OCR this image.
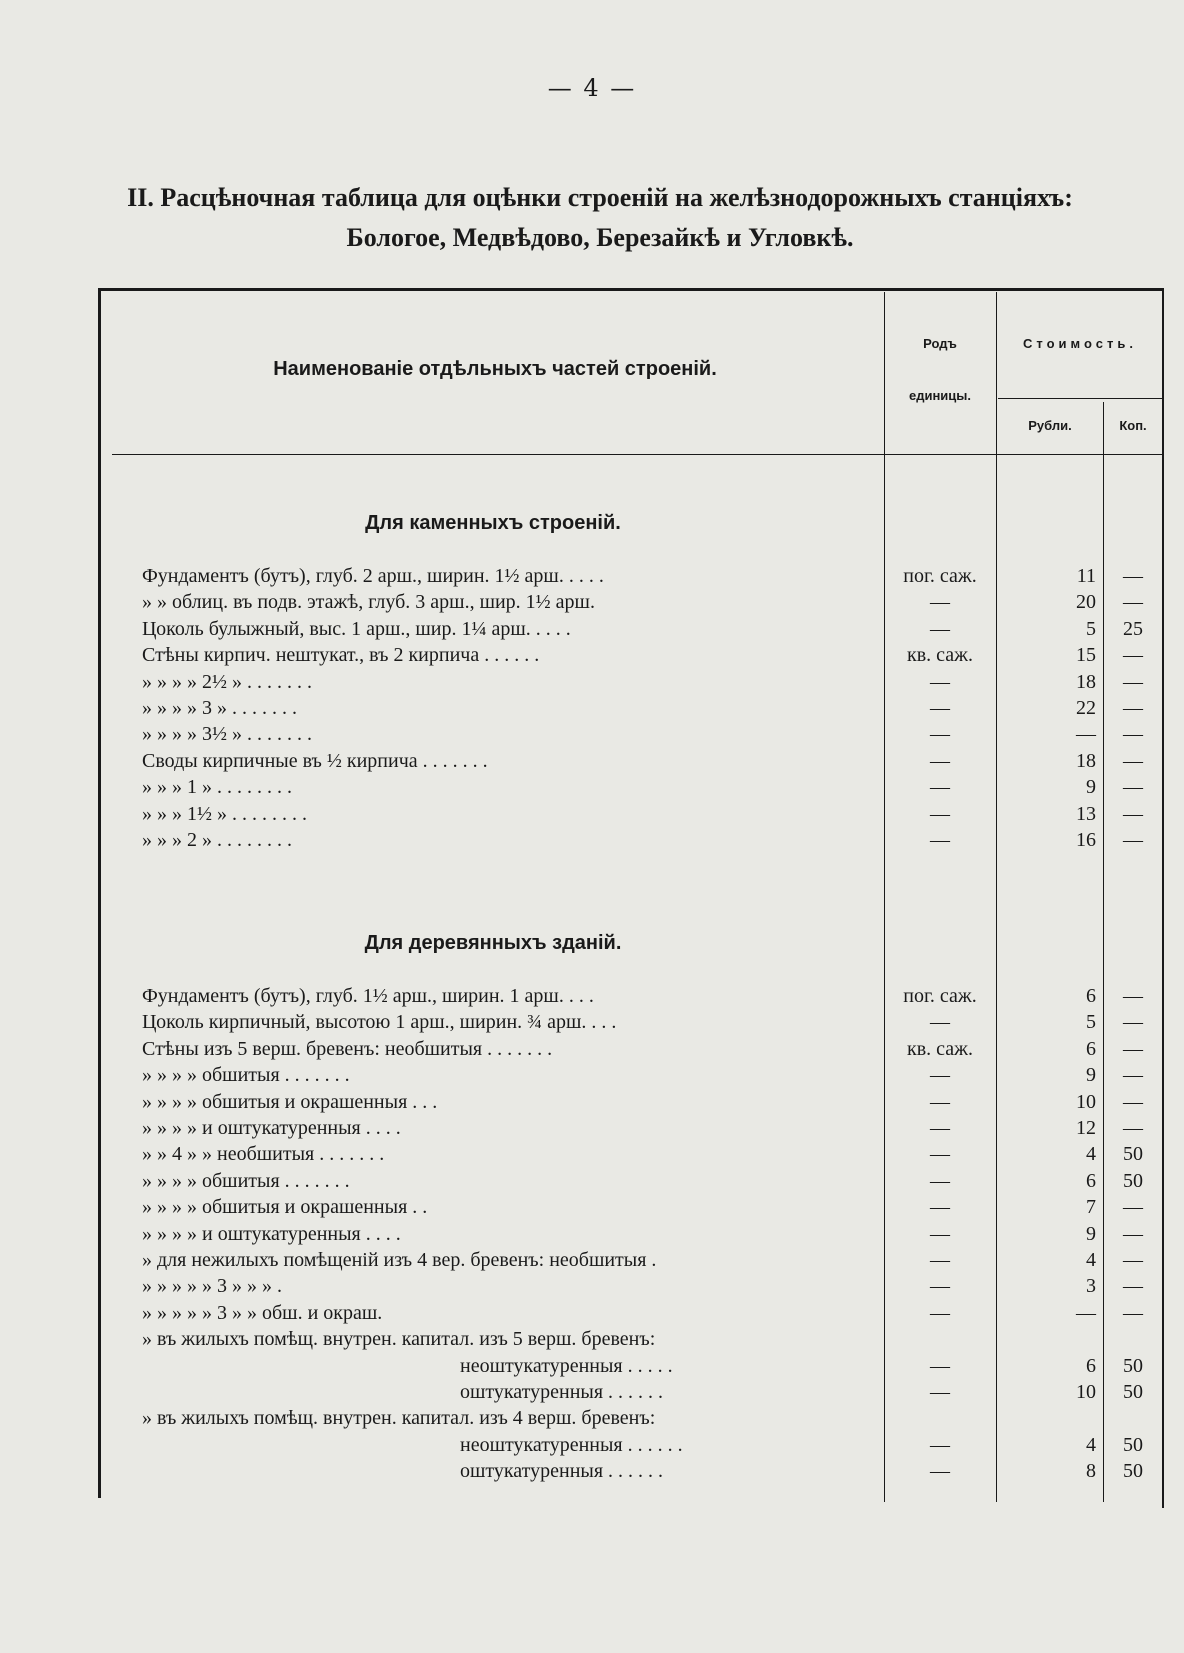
— 4 —
II. Расцѣночная таблица для оцѣнки строеній на желѣзнодорожныхъ станціяхъ: Бологое, Медвѣдово, Березайкѣ и Угловкѣ.
Наименованіе отдѣльныхъ частей строеній.
Родъ
единицы.
Стоимость.
Рубли.	Коп.
Для каменныхъ строеній.
Для деревянныхъ зданій.
Фундаментъ (бутъ), глуб. 2 арш., ширин. 1½ арш. . . . .	пог. саж.	11	—
» » облиц. въ подв. этажѣ, глуб. 3 арш., шир. 1½ арш.	—	20	—
Цоколь булыжный, выс. 1 арш., шир. 1¼ арш. . . . .	—	5	25
Стѣны кирпич. нештукат., въ 2 кирпича . . . . . .	кв. саж.	15	—
» » » » 2½ » . . . . . . .	—	18	—
» » » » 3 » . . . . . . .	—	22	—
» » » » 3½ » . . . . . . .	—	—	—
Своды кирпичные въ ½ кирпича . . . . . . .	—	18	—
» » » 1 » . . . . . . . .	—	9	—
» » » 1½ » . . . . . . . .	—	13	—
» » » 2 » . . . . . . . .	—	16	—
Фундаментъ (бутъ), глуб. 1½ арш., ширин. 1 арш. . . .	пог. саж.	6	—
Цоколь кирпичный, высотою 1 арш., ширин. ¾ арш. . . .	—	5	—
Стѣны изъ 5 верш. бревенъ: необшитыя . . . . . . .	кв. саж.	6	—
» » » » обшитыя . . . . . . .	—	9	—
» » » » обшитыя и окрашенныя . . .	—	10	—
» » » » и оштукатуренныя . . . .	—	12	—
» » 4 » » необшитыя . . . . . . .	—	4	50
» » » » обшитыя . . . . . . .	—	6	50
» » » » обшитыя и окрашенныя . .	—	7	—
» » » » и оштукатуренныя . . . .	—	9	—
» для нежилыхъ помѣщеній изъ 4 вер. бревенъ: необшитыя .	—	4	—
» » » » » 3 » » » .	—	3	—
» » » » » 3 » » обш. и окраш.	—	—	—
» въ жилыхъ помѣщ. внутрен. капитал. изъ 5 верш. бревенъ:
неоштукатуренныя . . . . .	—	6	50
оштукатуренныя . . . . . .	—	10	50
» въ жилыхъ помѣщ. внутрен. капитал. изъ 4 верш. бревенъ:
неоштукатуренныя . . . . . .	—	4	50
оштукатуренныя . . . . . .	—	8	50
